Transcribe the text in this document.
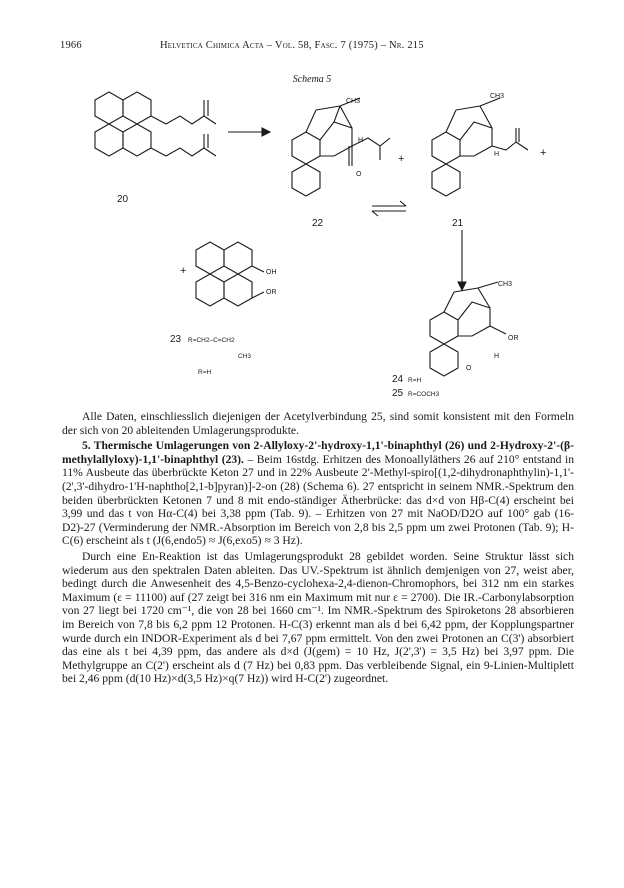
1966	Helvetica Chimica Acta – Vol. 58, Fasc. 7 (1975) – Nr. 215
Schema 5
20
22	21
23
24
25
CH3
O
H
+
CH3
H	+
+	OH
OR
R=CH2–C=CH2
CH3
R=H
CH3
OR
H
O
R=H
R=COCH3

Alle Daten, einschliesslich diejenigen der Acetylverbindung 25, sind somit konsistent mit den Formeln der sich von 20 ableitenden Umlagerungsprodukte.

5. Thermische Umlagerungen von 2-Allyloxy-2'-hydroxy-1,1'-binaphthyl (26) und 2-Hydroxy-2'-(β-methylallyloxy)-1,1'-binaphthyl (23). – Beim 16stdg. Erhitzen des Monoallyläthers 26 auf 210° entstand in 11% Ausbeute das überbrückte Keton 27 und in 22% Ausbeute 2'-Methyl-spiro[(1,2-dihydronaphthylin)-1,1'-(2',3'-dihydro-1'H-naphtho[2,1-b]pyran)]-2-on (28) (Schema 6). 27 entspricht in seinem NMR.-Spektrum den beiden überbrückten Ketonen 7 und 8 mit endo-ständiger Ätherbrücke: das d×d von Hβ-C(4) erscheint bei 3,99 und das t von Hα-C(4) bei 3,38 ppm (Tab. 9). – Erhitzen von 27 mit NaOD/D2O auf 100° gab (16-D2)-27 (Verminderung der NMR.-Absorption im Bereich von 2,8 bis 2,5 ppm um zwei Protonen (Tab. 9); H-C(6) erscheint als t (J(6,endo5) ≈ J(6,exo5) ≈ 3 Hz).

Durch eine En-Reaktion ist das Umlagerungsprodukt 28 gebildet worden. Seine Struktur lässt sich wiederum aus den spektralen Daten ableiten. Das UV.-Spektrum ist ähnlich demjenigen von 27, weist aber, bedingt durch die Anwesenheit des 4,5-Benzo-cyclohexa-2,4-dienon-Chromophors, bei 312 nm ein starkes Maximum (ε = 11100) auf (27 zeigt bei 316 nm ein Maximum mit nur ε = 2700). Die IR.-Carbonylabsorption von 27 liegt bei 1720 cm⁻¹, die von 28 bei 1660 cm⁻¹. Im NMR.-Spektrum des Spiroketons 28 absorbieren im Bereich von 7,8 bis 6,2 ppm 12 Protonen. H-C(3) erkennt man als d bei 6,42 ppm, der Kopplungspartner wurde durch ein INDOR-Experiment als d bei 7,67 ppm ermittelt. Von den zwei Protonen an C(3') absorbiert das eine als t bei 4,39 ppm, das andere als d×d (J(gem) = 10 Hz, J(2',3') = 3,5 Hz) bei 3,97 ppm. Die Methylgruppe an C(2') erscheint als d (7 Hz) bei 0,83 ppm. Das verbleibende Signal, ein 9-Linien-Multiplett bei 2,46 ppm (d(10 Hz)×d(3,5 Hz)×q(7 Hz)) wird H-C(2') zugeordnet.
